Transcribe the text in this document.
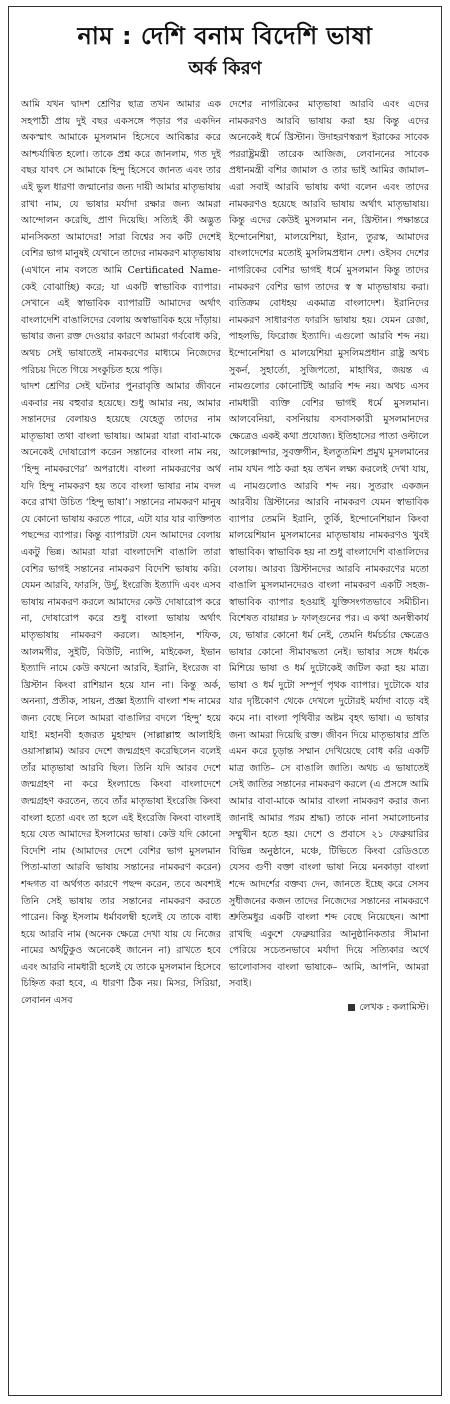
নাম : দেশি বনাম বিদেশি ভাষা
অর্ক কিরণ

আমি যখন দ্বাদশ শ্রেণির ছাত্র তখন আমার এক সহপাঠী প্রায় দুই বছর একসঙ্গে পড়ার পর একদিন অকস্মাৎ আমাকে মুসলমান হিসেবে আবিষ্কার করে আশ্চর্যান্বিত হলো। তাকে প্রশ্ন করে জানলাম, গত দুই বছর যাবৎ সে আমাকে হিন্দু হিসেবে জানত এবং তার এই ভুল ধারণা জন্মানোর জন্য দায়ী আমার মাতৃভাষায় রাখা নাম, যে ভাষার মর্যাদা রক্ষার জন্য আমরা আন্দোলন করেছি, প্রাণ দিয়েছি। সত্যিই কী অদ্ভুত মানসিকতা আমাদের! সারা বিশ্বের সব কটি দেশেই বেশির ভাগ মানুষই যেখানে তাদের নামকরণ মাতৃভাষায় (এখানে নাম বলতে আমি Certificated Name-কেই বোঝাচ্ছি) করে; যা একটি স্বাভাবিক ব্যাপার। সেখানে এই স্বাভাবিক ব্যাপারটি আমাদের অর্থাৎ বাংলাদেশি বাঙালিদের বেলায় অস্বাভাবিক হয়ে দাঁড়ায়। ভাষার জন্য রক্ত দেওয়ার কারণে আমরা গর্ববোধ করি, অথচ সেই ভাষাতেই নামকরণের মাধ্যমে নিজেদের পরিচয় দিতে গিয়ে সংকুচিত হয়ে পড়ি।

দ্বাদশ শ্রেণির সেই ঘটনার পুনরাবৃত্তি আমার জীবনে একবার নয় বহুবার হয়েছে। শুধু আমার নয়, আমার সন্তানদের বেলায়ও হয়েছে যেহেতু তাদের নাম মাতৃভাষা তথা বাংলা ভাষায়। আমরা যারা বাবা-মাকে অনেকেই দোষারোপ করেন সন্তানের বাংলা নাম নয়, ‘হিন্দু নামকরণের’ অপরাধে। বাংলা নামকরণের অর্থ যদি হিন্দু নামকরণ হয় তবে বাংলা ভাষার নাম বদল করে রাখা উচিত ‘হিন্দু ভাষা’। সন্তানের নামকরণ মানুষ যে কোনো ভাষায় করতে পারে, এটা যার যার ব্যক্তিগত পছন্দের ব্যাপার। কিন্তু ব্যাপারটা যেন আমাদের বেলায় একটু ভিন্ন। আমরা যারা বাংলাদেশি বাঙালি তারা বেশির ভাগই সন্তানের নামকরণ বিদেশি ভাষায় করি। যেমন আরবি, ফারসি, উর্দু, ইংরেজি ইত্যাদি এবং এসব ভাষায় নামকরণ করলে আমাদের কেউ দোষারোপ করে না, দোষারোপ করে শুধু বাংলা ভাষায় অর্থাৎ মাতৃভাষায় নামকরণ করলে। আহসান, শফিক, আলমগীর, সুইটি, বিউটি, ন্যান্সি, মাইকেল, ইভান ইত্যাদি নামে কেউ কখনো আরবি, ইরানি, ইংরেজ বা খ্রিস্টান কিংবা রাশিয়ান হয়ে যান না। কিন্তু অর্ক, অনন্যা, প্রতীক, সায়ন, প্রজ্ঞা ইত্যাদি বাংলা শব্দ নামের জন্য বেছে নিলে আমরা বাঙালির বদলে ‘হিন্দু’ হয়ে যাই! মহানবী হজরত মুহাম্মদ (সাল্লাল্লাহু আলাইহি ওয়াসাল্লাম) আরব দেশে জন্মগ্রহণ করেছিলেন বলেই তাঁর মাতৃভাষা আরবি ছিল। তিনি যদি আরব দেশে জন্মগ্রহণ না করে ইংল্যান্ডে কিংবা বাংলাদেশে জন্মগ্রহণ করতেন, তবে তাঁর মাতৃভাষা ইংরেজি কিংবা বাংলা হতো এবং তা হলে এই ইংরেজি কিংবা বাংলাই হয়ে যেত আমাদের ইসলামের ভাষা। কেউ যদি কোনো বিদেশি নাম (আমাদের দেশে বেশির ভাগ মুসলমান পিতা-মাতা আরবি ভাষায় সন্তানের নামকরণ করেন) শব্দগত বা অর্থগত কারণে পছন্দ করেন, তবে অবশ্যই তিনি সেই ভাষায় তার সন্তানের নামকরণ করতে পারেন। কিন্তু ইসলাম ধর্মাবলম্বী হলেই যে তাকে বাধ্য হয়ে আরবি নাম (অনেক ক্ষেত্রে দেখা যায় যে নিজের নামের অর্থটুকুও অনেকেই জানেন না) রাখতে হবে এবং আরবি নামধারী হলেই যে তাকে মুসলমান হিসেবে চিহ্নিত করা হবে, এ ধারণা ঠিক নয়। মিসর, সিরিয়া, লেবানন এসব

দেশের নাগরিকের মাতৃভাষা আরবি এবং এদের নামকরণও আরবি ভাষায় করা হয় কিন্তু এদের অনেকেই ধর্মে খ্রিস্টান। উদাহরণস্বরূপ ইরাকের সাবেক পররাষ্ট্রমন্ত্রী তারেক আজিজ, লেবাননের সাবেক প্রধানমন্ত্রী বশির জামাল ও তার ভাই আমির জামাল–এরা সবাই আরবি ভাষায় কথা বলেন এবং তাদের নামকরণও হয়েছে আরবি ভাষায় অর্থাৎ মাতৃভাষায়। কিন্তু এদের কেউই মুসলমান নন, খ্রিস্টান। পক্ষান্তরে ইন্দোনেশিয়া, মালয়েশিয়া, ইরান, তুরস্ক, আমাদের বাংলাদেশের মতোই মুসলিমপ্রধান দেশ। ওইসব দেশের নাগরিকের বেশির ভাগই ধর্মে মুসলমান কিন্তু তাদের নামকরণ বেশির ভাগ তাদের স্ব স্ব মাতৃভাষায় করা। ব্যতিক্রম বোধহয় একমাত্র বাংলাদেশ। ইরানিদের নামকরণ সাধারণত ফারসি ভাষায় হয়। যেমন রেজা, পাহলভি, ফিরোজ ইত্যাদি। এগুলো আরবি শব্দ নয়। ইন্দোনেশিয়া ও মালয়েশিয়া মুসলিমপ্রধান রাষ্ট্র অথচ সুকর্ন, সুহার্তো, সুজিপতো, মাহাথির, জয়ন্ত এ নামগুলোর কোনোটিই আরবি শব্দ নয়। অথচ এসব নামধারী ব্যক্তি বেশির ভাগই ধর্মে মুসলমান। আলবেনিয়া, বসনিয়ায় বসবাসকারী মুসলমানদের ক্ষেত্রেও একই কথা প্রযোজ্য। ইতিহাসের পাতা ওল্টালে আলেক্সান্দার, সুবক্তগীন, ইলতুতমিশ প্রমুখ মুসলমানের নাম যখন পাঠ করা হয় তখন লক্ষ্য করলেই দেখা যায়, এ নামগুলোও আরবি শব্দ নয়। সুতরাং একজন আরবীয় খ্রিস্টানের আরবি নামকরণ যেমন স্বাভাবিক ব্যাপার তেমনি ইরানি, তুর্কি, ইন্দোনেশিয়ান কিংবা মালয়েশিয়ান মুসলমানের মাতৃভাষায় নামকরণও খুবই স্বাভাবিক। স্বাভাবিক হয় না শুধু বাংলাদেশি বাঙালিদের বেলায়। আরব্য খ্রিস্টানদের আরবি নামকরণের মতো বাঙালি মুসলমানদেরও বাংলা নামকরণ একটি সহজ-স্বাভাবিক ব্যাপার হওয়াই যুক্তিসংগতভাবে সমীচীন। বিশেষত বায়ান্নর ৮ ফাল্গুনের পর। এ কথা অনস্বীকার্য যে, ভাষার কোনো ধর্ম নেই, তেমনি ধর্মচর্চার ক্ষেত্রেও ভাষার কোনো সীমাবদ্ধতা নেই। ভাষার সঙ্গে ধর্মকে মিশিয়ে ভাষা ও ধর্ম দুটোকেই জটিল করা হয় মাত্র। ভাষা ও ধর্ম দুটো সম্পূর্ণ পৃথক ব্যাপার। দুটোকে যার যার দৃষ্টিকোণ থেকে দেখলে দুটোরই মর্যাদা বাড়ে বই কমে না। বাংলা পৃথিবীর অষ্টম বৃহৎ ভাষা। এ ভাষার জন্য আমরা দিয়েছি রক্ত। জীবন দিয়ে মাতৃভাষার প্রতি এমন করে চূড়ান্ত সম্মান দেখিয়েছে বোধ করি একটি মাত্র জাতি– সে বাঙালি জাতি। অথচ এ ভাষাতেই সেই জাতির সন্তানের নামকরণ করলে (এ প্রসঙ্গে আমি আমার বাবা-মাকে আমার বাংলা নামকরণ করার জন্য জানাই আমার পরম শ্রদ্ধা) তাকে নানা সমালোচনার সম্মুখীন হতে হয়। দেশে ও প্রবাসে ২১ ফেব্রুয়ারির বিভিন্ন অনুষ্ঠানে, মঞ্চে, টিভিতে কিংবা রেডিওতে যেসব গুণী বক্তা বাংলা ভাষা নিয়ে মনকাড়া বাংলা শব্দে আদর্শের বক্তব্য দেন, জানতে ইচ্ছে করে সেসব সুধীজনের কজন তাদের নিজেদের সন্তানের নামকরণে শ্রুতিমধুর একটি বাংলা শব্দ বেছে নিয়েছেন। আশা রাখছি একুশে ফেব্রুয়ারির আনুষ্ঠানিকতার সীমানা পেরিয়ে সচেতনভাবে মর্যাদা দিয়ে সত্যিকার অর্থে ভালোবাসব বাংলা ভাষাকে– আমি, আপনি, আমরা সবাই।

লেখক : কলামিস্ট।
